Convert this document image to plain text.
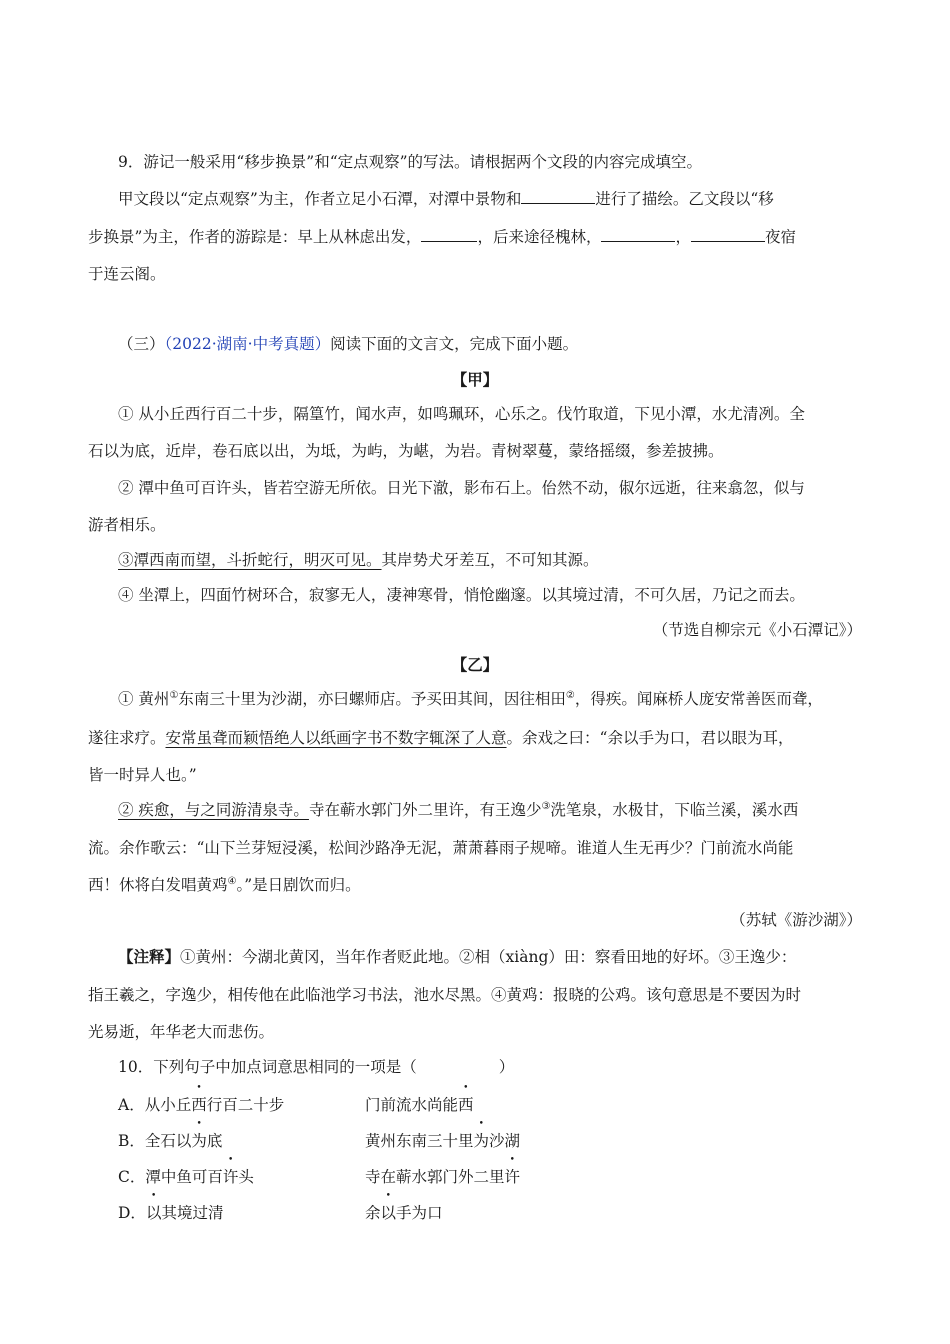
9．游记一般采用“移步换景”和“定点观察”的写法。请根据两个文段的内容完成填空。
甲文段以“定点观察”为主，作者立足小石潭，对潭中景物和	进行了描绘。乙文段以“移
步换景”为主，作者的游踪是：早上从林虑出发，	，后来途径槐林，	，	夜宿
于连云阁。
（三）（2022·湖南·中考真题）阅读下面的文言文，完成下面小题。
【甲】
① 从小丘西行百二十步，隔篁竹，闻水声，如鸣珮环，心乐之。伐竹取道，下见小潭，水尤清冽。全
石以为底，近岸，卷石底以出，为坻，为屿，为嵁，为岩。青树翠蔓，蒙络摇缀，参差披拂。
② 潭中鱼可百许头，皆若空游无所依。日光下澈，影布石上。佁然不动，俶尔远逝，往来翕忽，似与
游者相乐。
③潭西南而望，斗折蛇行，明灭可见。其岸势犬牙差互，不可知其源。
④ 坐潭上，四面竹树环合，寂寥无人，凄神寒骨，悄怆幽邃。以其境过清，不可久居，乃记之而去。
（节选自柳宗元《小石潭记》）
【乙】
① 黄州①东南三十里为沙湖，亦曰螺师店。予买田其间，因往相田②，得疾。闻麻桥人庞安常善医而聋，
遂往求疗。安常虽聋而颖悟绝人以纸画字书不数字辄深了人意。余戏之曰：“余以手为口，君以眼为耳，
皆一时异人也。”
② 疾愈，与之同游清泉寺。寺在蕲水郭门外二里许，有王逸少③洗笔泉，水极甘，下临兰溪，溪水西
流。余作歌云：“山下兰芽短浸溪，松间沙路净无泥，萧萧暮雨子规啼。谁道人生无再少？门前流水尚能
西！休将白发唱黄鸡④。”是日剧饮而归。
（苏轼《游沙湖》）
【注释】①黄州：今湖北黄冈，当年作者贬此地。②相（xiàng）田：察看田地的好坏。③王逸少：
指王羲之，字逸少，相传他在此临池学习书法，池水尽黑。④黄鸡：报晓的公鸡。该句意思是不要因为时
光易逝，年华老大而悲伤。
10．下列句子中加点词意思相同的一项是（	）
A．从小丘西行百二十步	门前流水尚能西
B．全石以为底	黄州东南三十里为沙湖
C．潭中鱼可百许头	寺在蕲水郭门外二里许
D．以其境过清	余以手为口
